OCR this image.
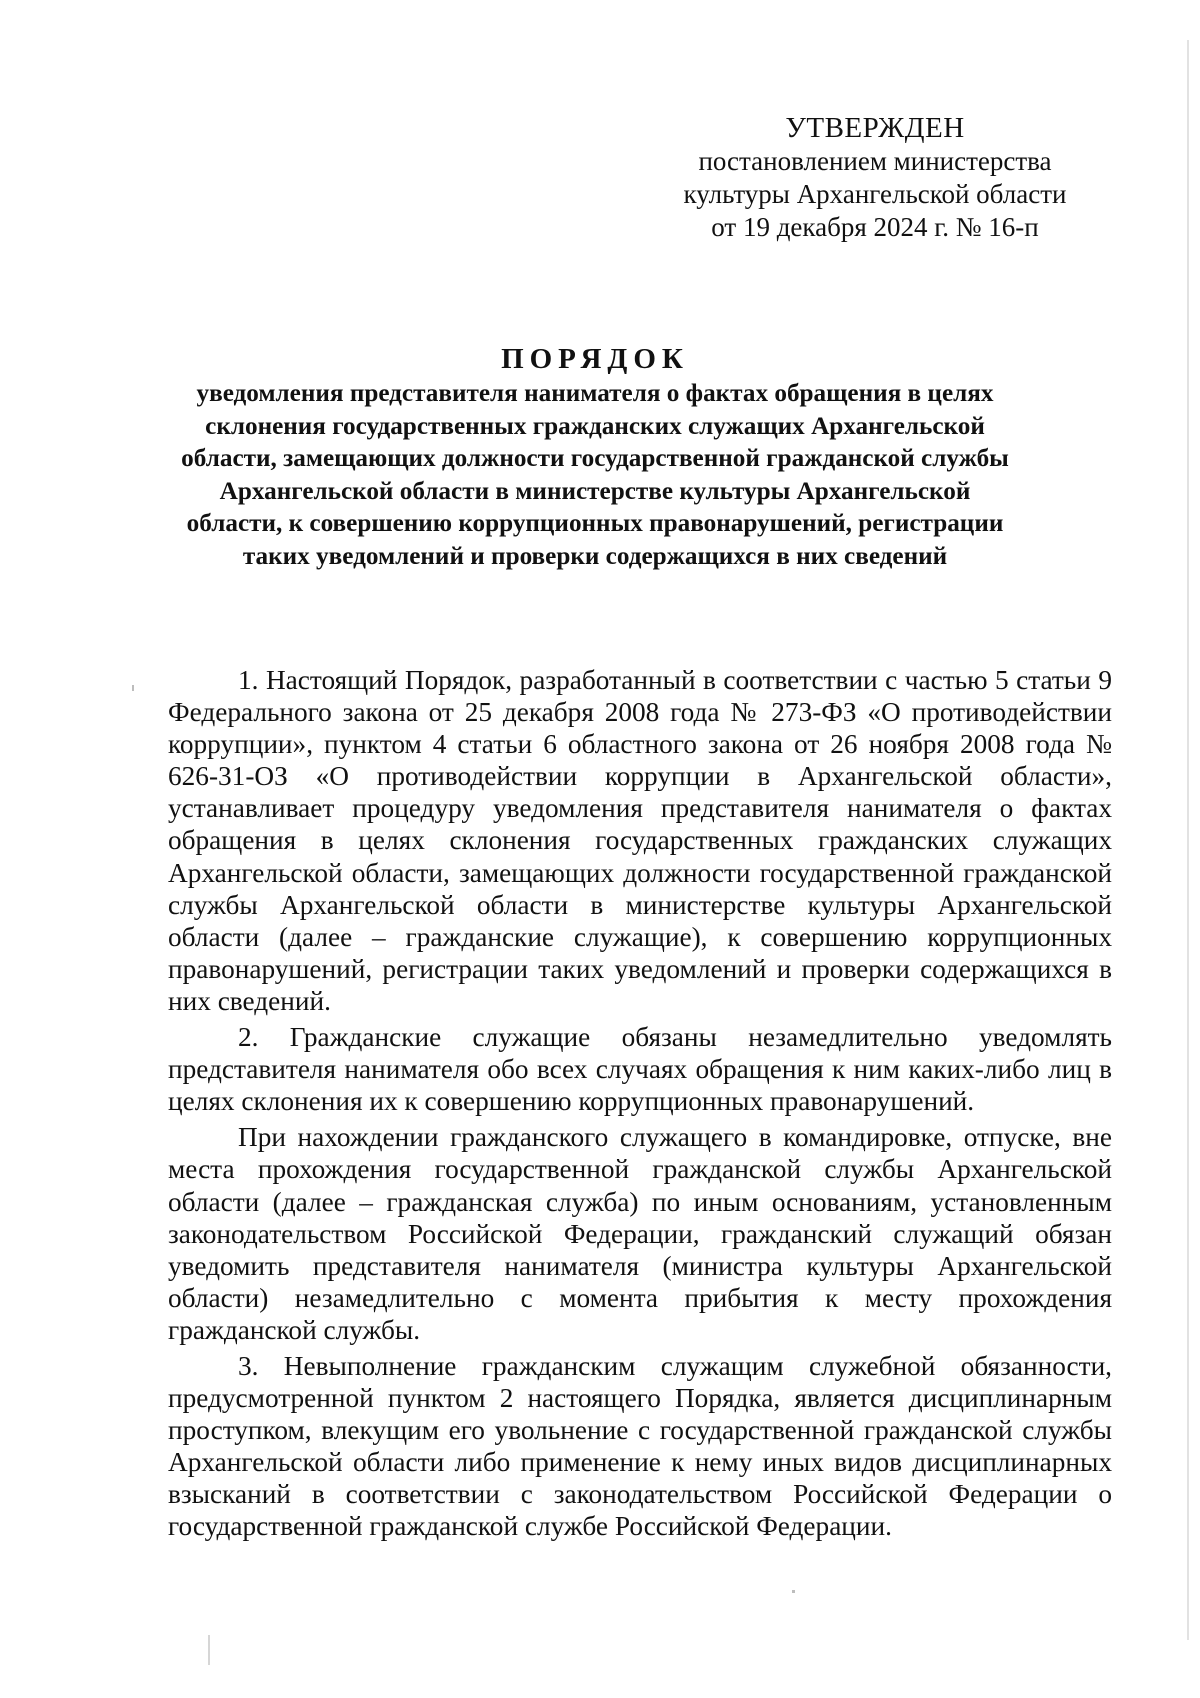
УТВЕРЖДЕН
постановлением министерства
культуры Архангельской области
от 19 декабря 2024 г. № 16-п
ПОРЯДОК
уведомления представителя нанимателя о фактах обращения в целях склонения государственных гражданских служащих Архангельской области, замещающих должности государственной гражданской службы Архангельской области в министерстве культуры Архангельской области, к совершению коррупционных правонарушений, регистрации таких уведомлений и проверки содержащихся в них сведений

1. Настоящий Порядок, разработанный в соответствии с частью 5 статьи 9 Федерального закона от 25 декабря 2008 года № 273-ФЗ «О противодействии коррупции», пунктом 4 статьи 6 областного закона от 26 ноября 2008 года № 626-31-ОЗ «О противодействии коррупции в Архангельской области», устанавливает процедуру уведомления представителя нанимателя о фактах обращения в целях склонения государственных гражданских служащих Архангельской области, замещающих должности государственной гражданской службы Архангельской области в министерстве культуры Архангельской области (далее – гражданские служащие), к совершению коррупционных правонарушений, регистрации таких уведомлений и проверки содержащихся в них сведений.

2. Гражданские служащие обязаны незамедлительно уведомлять представителя нанимателя обо всех случаях обращения к ним каких-либо лиц в целях склонения их к совершению коррупционных правонарушений.

При нахождении гражданского служащего в командировке, отпуске, вне места прохождения государственной гражданской службы Архангельской области (далее – гражданская служба) по иным основаниям, установленным законодательством Российской Федерации, гражданский служащий обязан уведомить представителя нанимателя (министра культуры Архангельской области) незамедлительно с момента прибытия к месту прохождения гражданской службы.

3. Невыполнение гражданским служащим служебной обязанности, предусмотренной пунктом 2 настоящего Порядка, является дисциплинарным проступком, влекущим его увольнение с государственной гражданской службы Архангельской области либо применение к нему иных видов дисциплинарных взысканий в соответствии с законодательством Российской Федерации о государственной гражданской службе Российской Федерации.
